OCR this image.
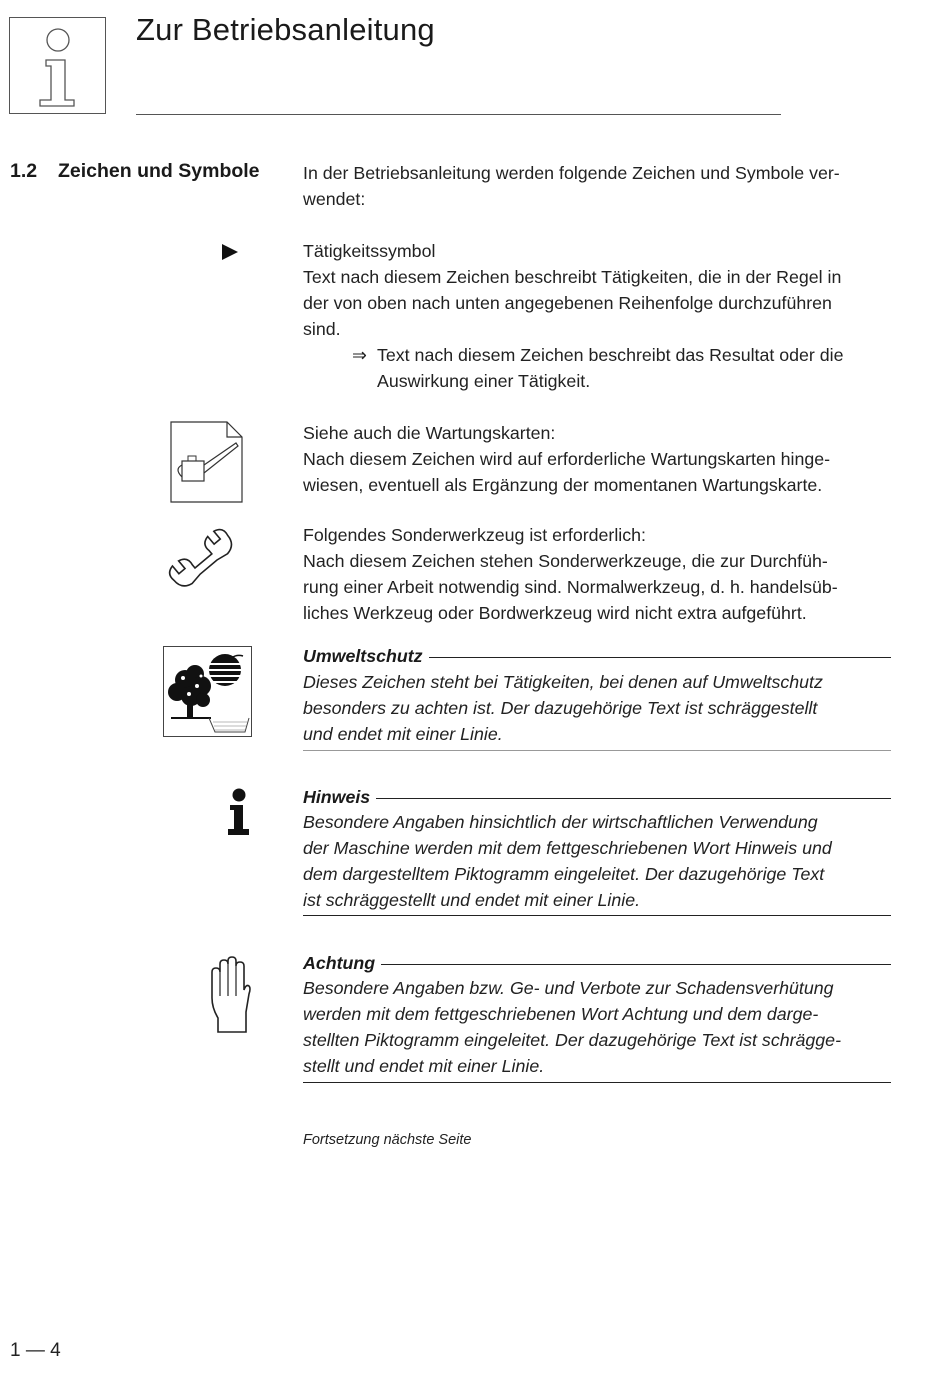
Zur Betriebsanleitung
1.2 Zeichen und Symbole In der Betriebsanleitung werden folgende Zeichen und Symbole ver-
wendet:
Tätigkeitssymbol
Text nach diesem Zeichen beschreibt Tätigkeiten, die in der Regel in
der von oben nach unten angegebenen Reihenfolge durchzuführen
sind.
⇒ Text nach diesem Zeichen beschreibt das Resultat oder die
Auswirkung einer Tätigkeit.
Siehe auch die Wartungskarten:
Nach diesem Zeichen wird auf erforderliche Wartungskarten hinge-
wiesen, eventuell als Ergänzung der momentanen Wartungskarte.
Folgendes Sonderwerkzeug ist erforderlich:
Nach diesem Zeichen stehen Sonderwerkzeuge, die zur Durchfüh-
rung einer Arbeit notwendig sind. Normalwerkzeug, d. h. handelsüb-
liches Werkzeug oder Bordwerkzeug wird nicht extra aufgeführt.
Umweltschutz
Dieses Zeichen steht bei Tätigkeiten, bei denen auf Umweltschutz
besonders zu achten ist. Der dazugehörige Text ist schräggestellt
und endet mit einer Linie.
Hinweis
Besondere Angaben hinsichtlich der wirtschaftlichen Verwendung
der Maschine werden mit dem fettgeschriebenen Wort Hinweis und
dem dargestelltem Piktogramm eingeleitet. Der dazugehörige Text
ist schräggestellt und endet mit einer Linie.
Achtung
Besondere Angaben bzw. Ge- und Verbote zur Schadensverhütung
werden mit dem fettgeschriebenen Wort Achtung und dem darge-
stellten Piktogramm eingeleitet. Der dazugehörige Text ist schrägge-
stellt und endet mit einer Linie.
Fortsetzung nächste Seite
1 — 4
